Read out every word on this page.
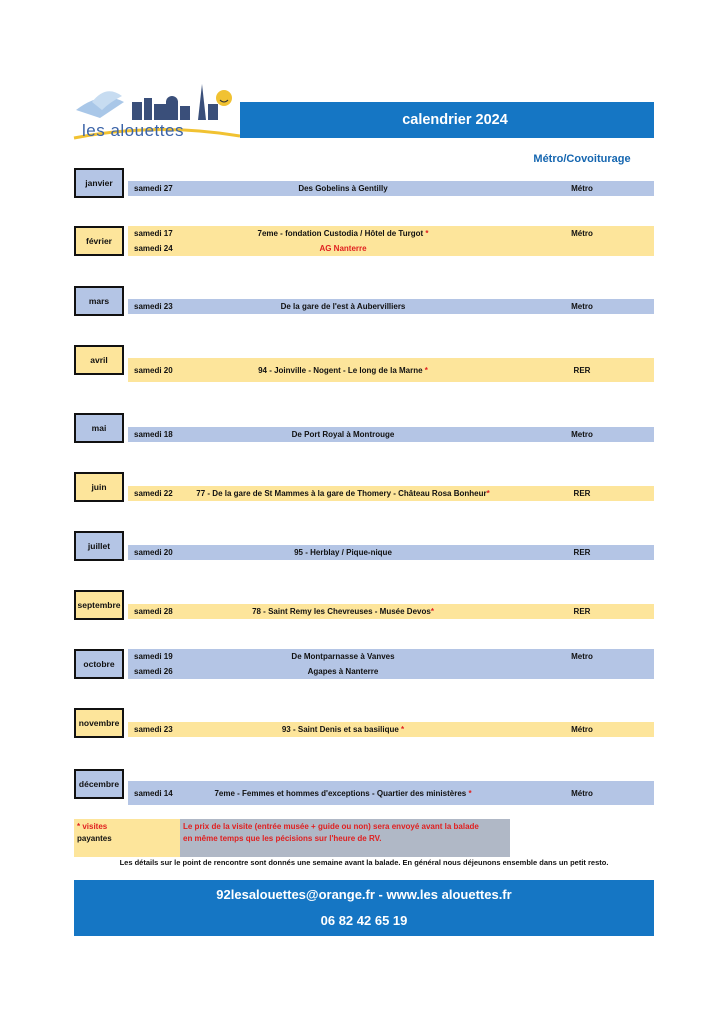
les alouettes
calendrier 2024
Métro/Covoiturage
janvier
samedi 27	Des Gobelins à Gentilly	Métro
février
samedi 17	7eme - fondation Custodia / Hôtel de Turgot *	Métro
samedi 24	AG Nanterre
mars
samedi 23	De la gare de l'est à Aubervilliers	Metro
avril
samedi 20	94 - Joinville - Nogent - Le long de la Marne *	RER
mai
samedi 18	De Port Royal à Montrouge	Metro
juin
samedi 22	77 - De la gare de St Mammes à la gare de Thomery - Château Rosa Bonheur*	RER
juillet
samedi 20	95 - Herblay / Pique-nique	RER
septembre
samedi 28	78 - Saint Remy les Chevreuses - Musée Devos*	RER
octobre
samedi 19	De Montparnasse à Vanves	Metro
samedi 26	Agapes à Nanterre
novembre
samedi 23	93 - Saint Denis et sa basilique *	Métro
décembre
samedi 14	7eme - Femmes et hommes d'exceptions - Quartier des ministères *	Métro
* visites
payantes
Le prix de la visite (entrée musée + guide ou non) sera envoyé avant la balade
en même temps que les pécisions sur l'heure de RV.
Les détails sur le point de rencontre sont donnés une semaine avant la balade. En général nous déjeunons ensemble dans un petit resto.
92lesalouettes@orange.fr - www.les alouettes.fr
06 82 42 65 19
